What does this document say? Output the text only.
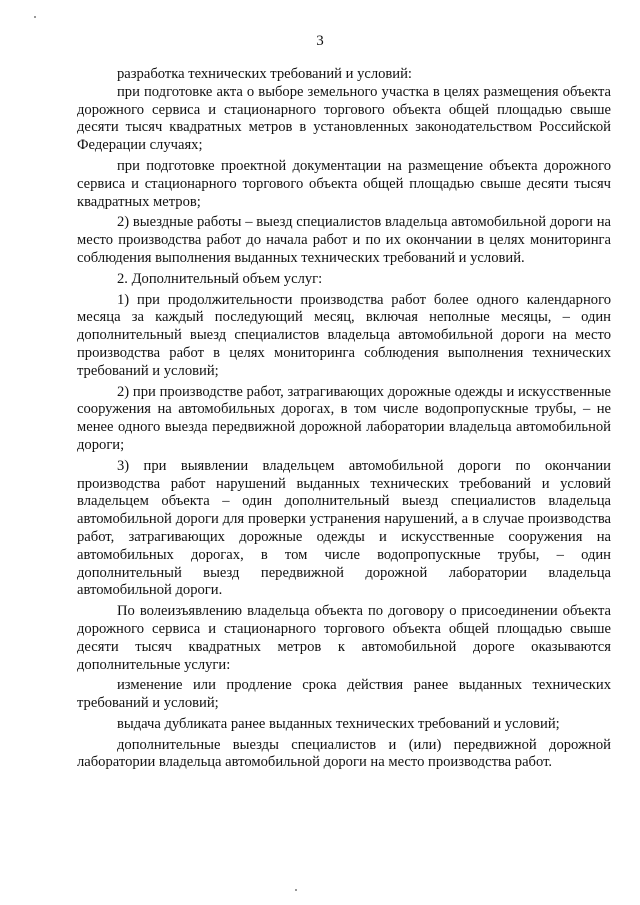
3

разработка технических требований и условий:

при подготовке акта о выборе земельного участка в целях размещения объекта дорожного сервиса и стационарного торгового объекта общей площадью свыше десяти тысяч квадратных метров в установленных законодательством Российской Федерации случаях;

при подготовке проектной документации на размещение объекта дорожного сервиса и стационарного торгового объекта общей площадью свыше десяти тысяч квадратных метров;

2) выездные работы – выезд специалистов владельца автомобильной дороги на место производства работ до начала работ и по их окончании в целях мониторинга соблюдения выполнения выданных технических требований и условий.

2. Дополнительный объем услуг:

1) при продолжительности производства работ более одного календарного месяца за каждый последующий месяц, включая неполные месяцы, – один дополнительный выезд специалистов владельца автомобильной дороги на место производства работ в целях мониторинга соблюдения выполнения технических требований и условий;

2) при производстве работ, затрагивающих дорожные одежды и искусственные сооружения на автомобильных дорогах, в том числе водопропускные трубы, – не менее одного выезда передвижной дорожной лаборатории владельца автомобильной дороги;

3) при выявлении владельцем автомобильной дороги по окончании производства работ нарушений выданных технических требований и условий владельцем объекта – один дополнительный выезд специалистов владельца автомобильной дороги для проверки устранения нарушений, а в случае производства работ, затрагивающих дорожные одежды и искусственные сооружения на автомобильных дорогах, в том числе водопропускные трубы, – один дополнительный выезд передвижной дорожной лаборатории владельца автомобильной дороги.

По волеизъявлению владельца объекта по договору о присоединении объекта дорожного сервиса и стационарного торгового объекта общей площадью свыше десяти тысяч квадратных метров к автомобильной дороге оказываются дополнительные услуги:

изменение или продление срока действия ранее выданных технических требований и условий;

выдача дубликата ранее выданных технических требований и условий;

дополнительные выезды специалистов и (или) передвижной дорожной лаборатории владельца автомобильной дороги на место производства работ.
